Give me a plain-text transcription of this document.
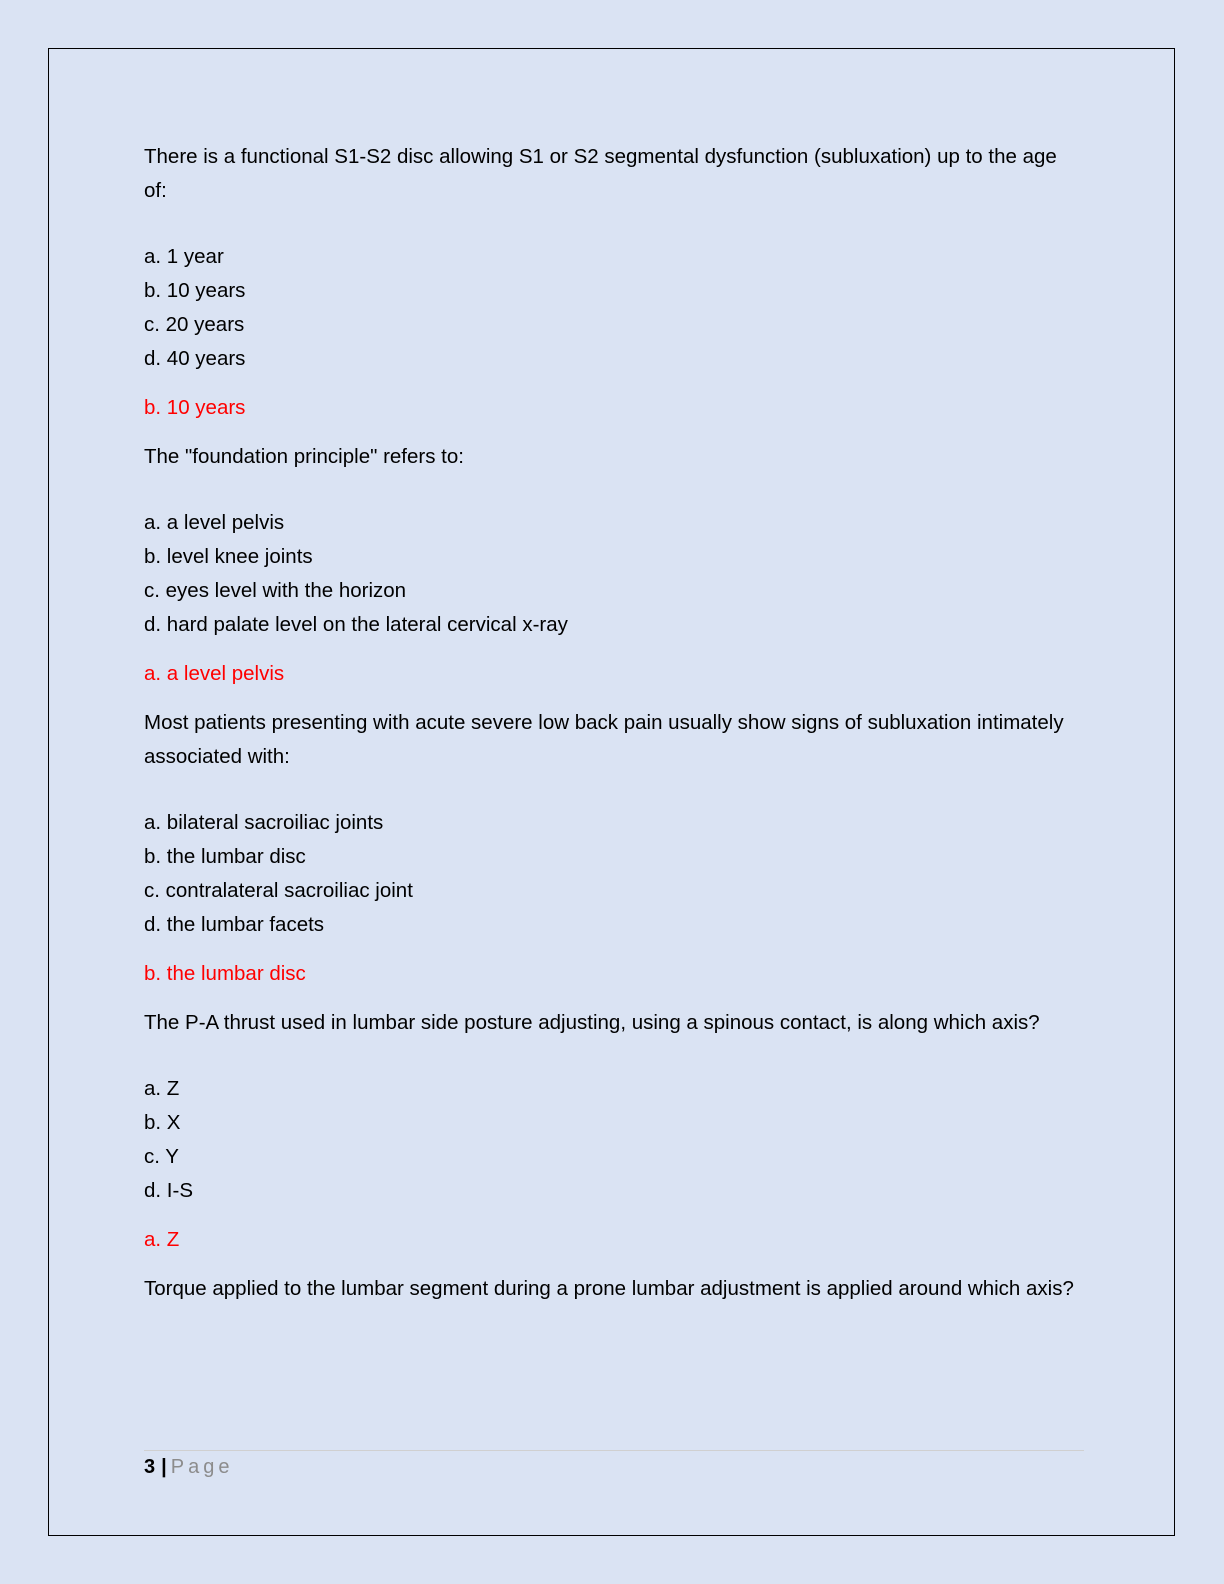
There is a functional S1-S2 disc allowing S1 or S2 segmental dysfunction (subluxation) up to the age of:

a. 1 year
b. 10 years
c. 20 years
d. 40 years
b. 10 years

The "foundation principle" refers to:

a. a level pelvis
b. level knee joints
c. eyes level with the horizon
d. hard palate level on the lateral cervical x-ray
a. a level pelvis

Most patients presenting with acute severe low back pain usually show signs of subluxation intimately associated with:

a. bilateral sacroiliac joints
b. the lumbar disc
c. contralateral sacroiliac joint
d. the lumbar facets
b. the lumbar disc

The P-A thrust used in lumbar side posture adjusting, using a spinous contact, is along which axis?

a. Z
b. X
c. Y
d. I-S
a. Z

Torque applied to the lumbar segment during a prone lumbar adjustment is applied around which axis?

3 | Page
